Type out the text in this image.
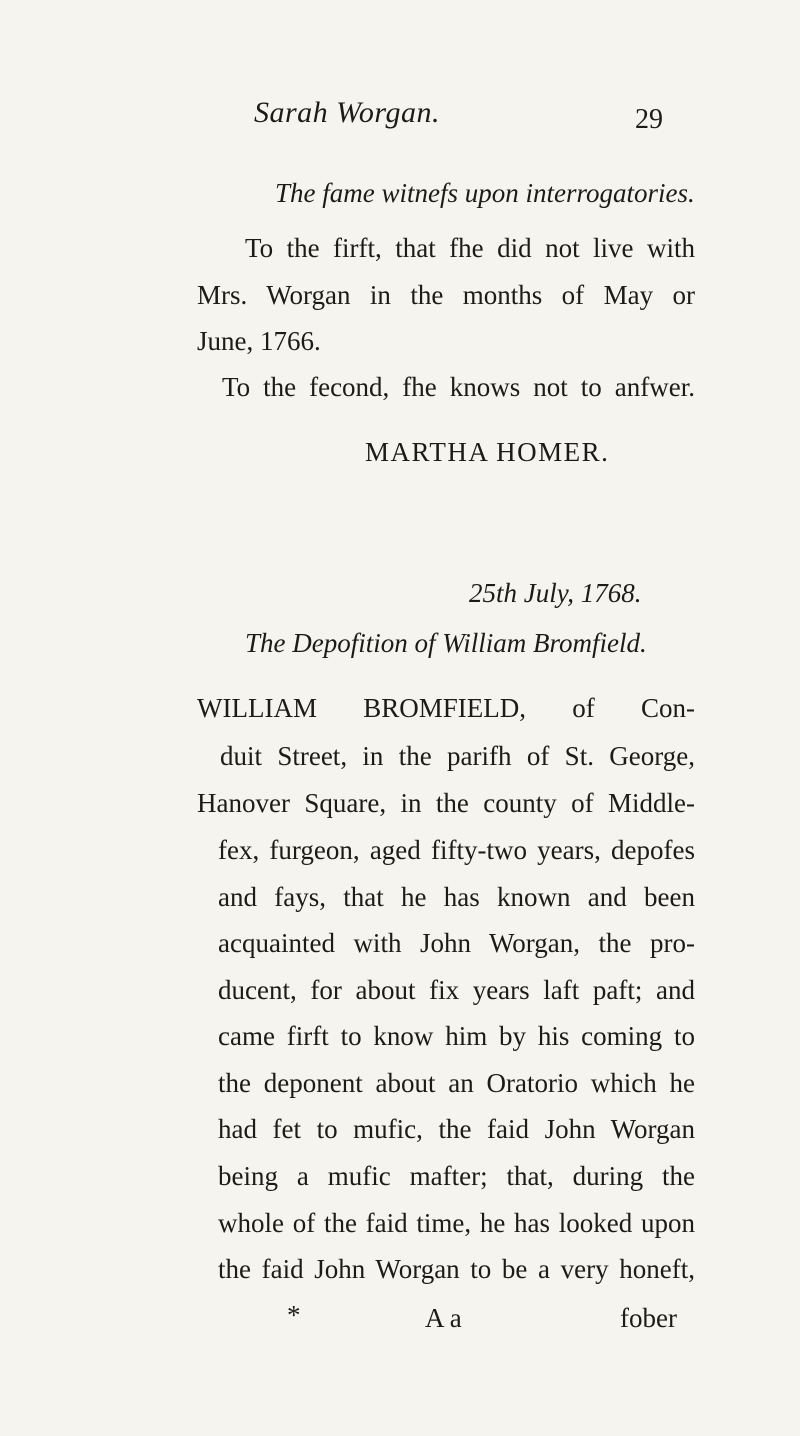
Sarah Worgan.	29
The fame witnefs upon interrogatories.
To the firft, that fhe did not live with
Mrs. Worgan in the months of May or
June, 1766.
To the fecond, fhe knows not to anfwer.
MARTHA HOMER.
25th July, 1768.
The Depofition of William Bromfield.
WILLIAM BROMFIELD, of Con-
duit Street, in the parifh of St. George,
Hanover Square, in the county of Middle-
fex, furgeon, aged fifty-two years, depofes
and fays, that he has known and been
acquainted with John Worgan, the pro-
ducent, for about fix years laft paft; and
came firft to know him by his coming to
the deponent about an Oratorio which he
had fet to mufic, the faid John Worgan
being a mufic mafter; that, during the
whole of the faid time, he has looked upon
the faid John Worgan to be a very honeft,
*	A a	fober
